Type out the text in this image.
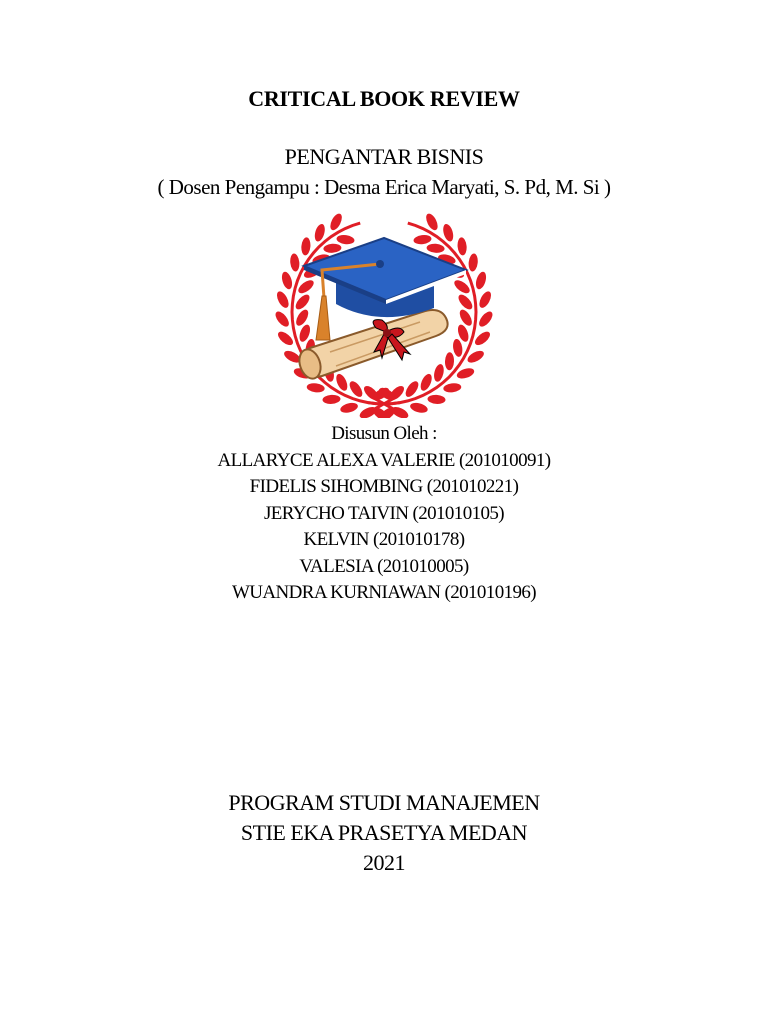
CRITICAL BOOK REVIEW
PENGANTAR BISNIS
( Dosen Pengampu : Desma Erica Maryati, S. Pd, M. Si )
Disusun Oleh :
ALLARYCE ALEXA VALERIE (201010091)
FIDELIS SIHOMBING (201010221)
JERYCHO TAIVIN (201010105)
KELVIN (201010178)
VALESIA (201010005)
WUANDRA KURNIAWAN (201010196)
PROGRAM STUDI MANAJEMEN
STIE EKA PRASETYA MEDAN
2021
